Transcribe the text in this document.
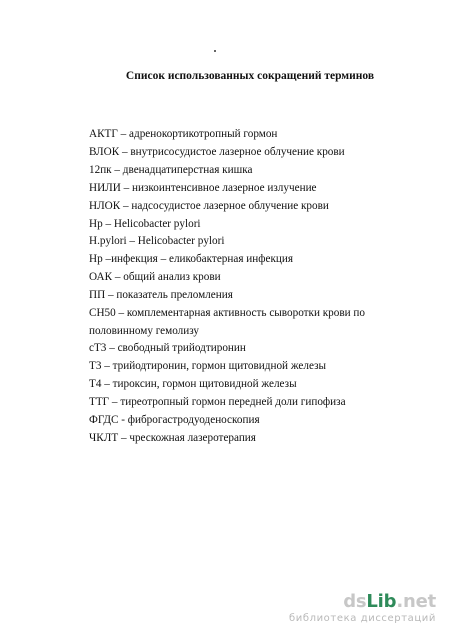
Список использованных сокращений терминов
АКТГ – адренокортикотропный гормон
ВЛОК – внутрисосудистое лазерное облучение крови
12пк – двенадцатиперстная кишка
НИЛИ – низкоинтенсивное лазерное излучение
НЛОК – надсосудистое лазерное облучение крови
Нр – Helicobacter pylori
H.pylori – Helicobacter pylori
Нр –инфекция – еликобактерная инфекция
ОАК – общий анализ крови
ПП – показатель преломления
СН50 – комплементарная активность сыворотки крови по половинному гемолизу
сТ3 – свободный трийодтиронин
Т3 – трийодтиронин, гормон щитовидной железы
Т4 – тироксин, гормон щитовидной железы
ТТГ – тиреотропный гормон передней доли гипофиза
ФГДС - фиброгастродуоденоскопия
ЧКЛТ – чрескожная лазеротерапия
dsLib.net
библиотека диссертаций
